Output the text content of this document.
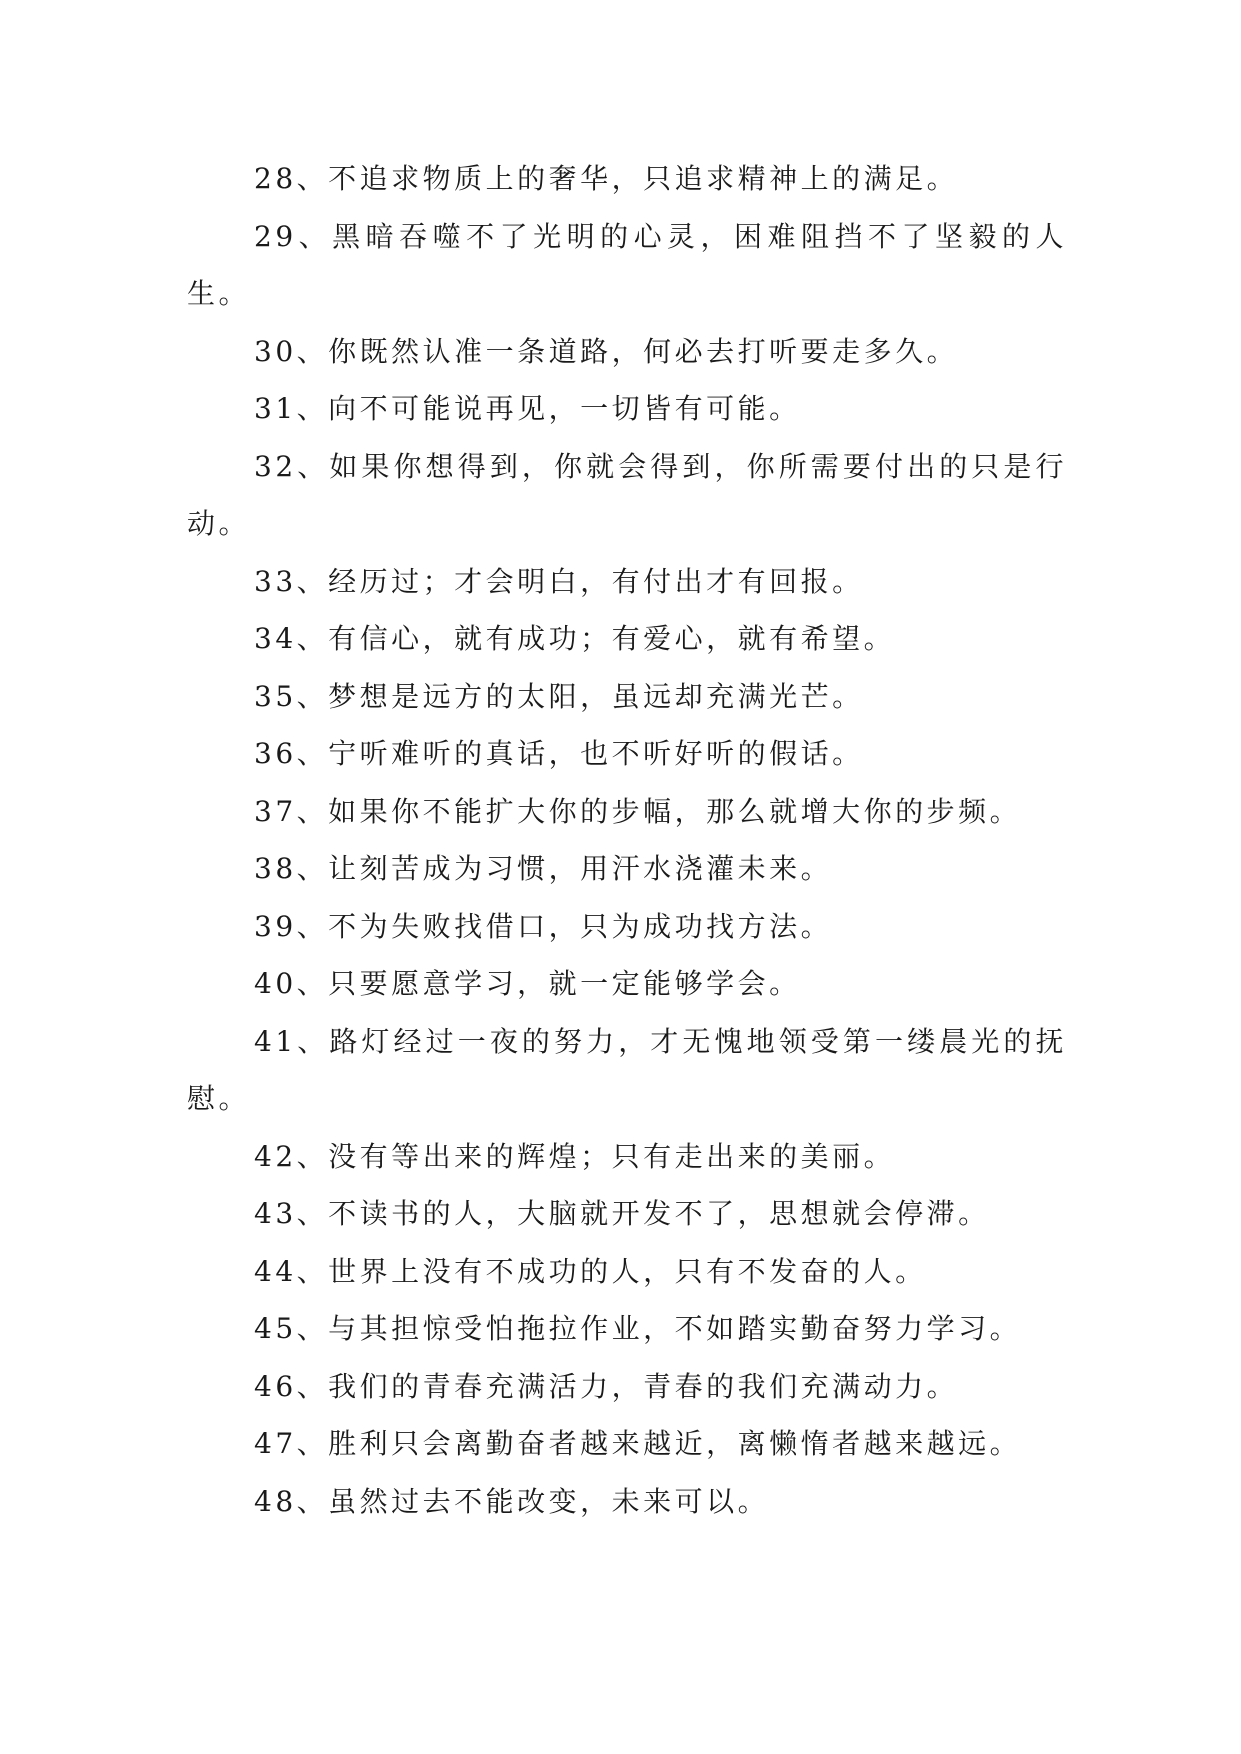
28、不追求物质上的奢华，只追求精神上的满足。

29、黑暗吞噬不了光明的心灵，困难阻挡不了坚毅的人生。

30、你既然认准一条道路，何必去打听要走多久。

31、向不可能说再见，一切皆有可能。

32、如果你想得到，你就会得到，你所需要付出的只是行动。

33、经历过；才会明白，有付出才有回报。

34、有信心，就有成功；有爱心，就有希望。

35、梦想是远方的太阳，虽远却充满光芒。

36、宁听难听的真话，也不听好听的假话。

37、如果你不能扩大你的步幅，那么就增大你的步频。

38、让刻苦成为习惯，用汗水浇灌未来。

39、不为失败找借口，只为成功找方法。

40、只要愿意学习，就一定能够学会。

41、路灯经过一夜的努力，才无愧地领受第一缕晨光的抚慰。

42、没有等出来的辉煌；只有走出来的美丽。

43、不读书的人，大脑就开发不了，思想就会停滞。

44、世界上没有不成功的人，只有不发奋的人。

45、与其担惊受怕拖拉作业，不如踏实勤奋努力学习。

46、我们的青春充满活力，青春的我们充满动力。

47、胜利只会离勤奋者越来越近，离懒惰者越来越远。

48、虽然过去不能改变，未来可以。
